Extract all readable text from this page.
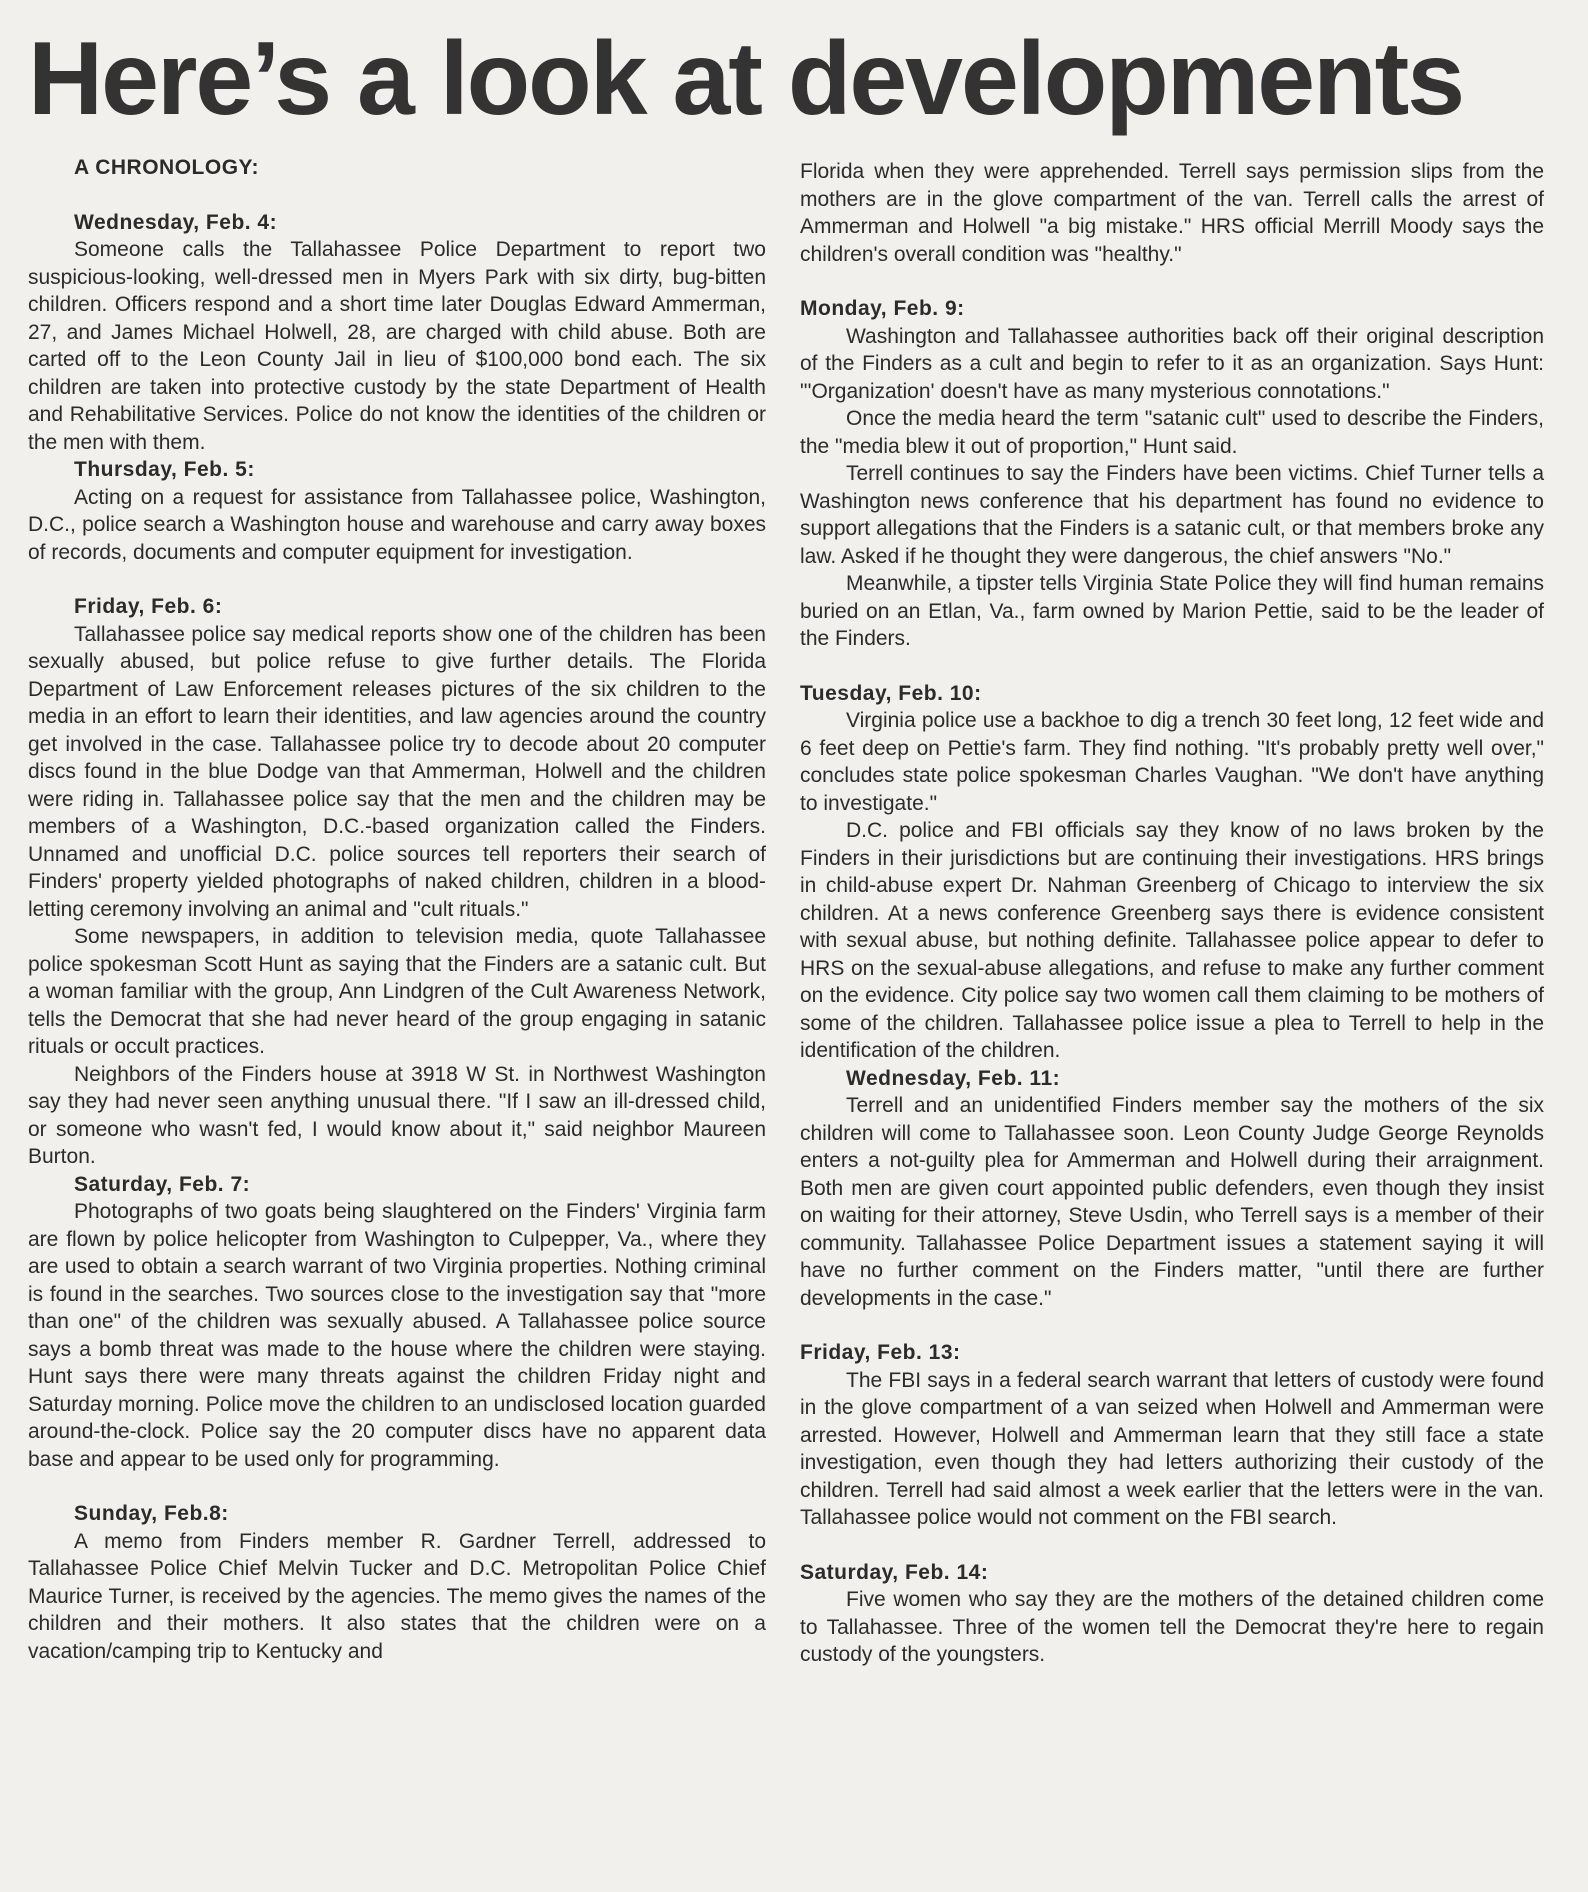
Here’s a look at developments

A CHRONOLOGY:

Wednesday, Feb. 4:

Someone calls the Tallahassee Police Department to report two suspicious-looking, well-dressed men in Myers Park with six dirty, bug-bitten children. Officers respond and a short time later Douglas Edward Ammerman, 27, and James Michael Holwell, 28, are charged with child abuse. Both are carted off to the Leon County Jail in lieu of $100,000 bond each. The six children are taken into protective custody by the state Department of Health and Rehabilitative Services. Police do not know the identities of the children or the men with them.

Thursday, Feb. 5:

Acting on a request for assistance from Tallahassee police, Washington, D.C., police search a Washington house and warehouse and carry away boxes of records, documents and computer equipment for investigation.

Friday, Feb. 6:

Tallahassee police say medical reports show one of the children has been sexually abused, but police refuse to give further details. The Florida Department of Law Enforcement releases pictures of the six children to the media in an effort to learn their identities, and law agencies around the country get involved in the case. Tallahassee police try to decode about 20 computer discs found in the blue Dodge van that Ammerman, Holwell and the children were riding in. Tallahassee police say that the men and the children may be members of a Washington, D.C.-based organization called the Finders. Unnamed and unofficial D.C. police sources tell reporters their search of Finders' property yielded photographs of naked children, children in a blood-letting ceremony involving an animal and "cult rituals."

Some newspapers, in addition to television media, quote Tallahassee police spokesman Scott Hunt as saying that the Finders are a satanic cult. But a woman familiar with the group, Ann Lindgren of the Cult Awareness Network, tells the Democrat that she had never heard of the group engaging in satanic rituals or occult practices.

Neighbors of the Finders house at 3918 W St. in Northwest Washington say they had never seen anything unusual there. "If I saw an ill-dressed child, or someone who wasn't fed, I would know about it," said neighbor Maureen Burton.

Saturday, Feb. 7:

Photographs of two goats being slaughtered on the Finders' Virginia farm are flown by police helicopter from Washington to Culpepper, Va., where they are used to obtain a search warrant of two Virginia properties. Nothing criminal is found in the searches. Two sources close to the investigation say that "more than one" of the children was sexually abused. A Tallahassee police source says a bomb threat was made to the house where the children were staying. Hunt says there were many threats against the children Friday night and Saturday morning. Police move the children to an undisclosed location guarded around-the-clock. Police say the 20 computer discs have no apparent data base and appear to be used only for programming.

Sunday, Feb.8:

A memo from Finders member R. Gardner Terrell, addressed to Tallahassee Police Chief Melvin Tucker and D.C. Metropolitan Police Chief Maurice Turner, is received by the agencies. The memo gives the names of the children and their mothers. It also states that the children were on a vacation/camping trip to Kentucky and

Florida when they were apprehended. Terrell says permission slips from the mothers are in the glove compartment of the van. Terrell calls the arrest of Ammerman and Holwell "a big mistake." HRS official Merrill Moody says the children's overall condition was "healthy."

Monday, Feb. 9:

Washington and Tallahassee authorities back off their original description of the Finders as a cult and begin to refer to it as an organization. Says Hunt: "'Organization' doesn't have as many mysterious connotations."

Once the media heard the term "satanic cult" used to describe the Finders, the "media blew it out of proportion," Hunt said.

Terrell continues to say the Finders have been victims. Chief Turner tells a Washington news conference that his department has found no evidence to support allegations that the Finders is a satanic cult, or that members broke any law. Asked if he thought they were dangerous, the chief answers "No."

Meanwhile, a tipster tells Virginia State Police they will find human remains buried on an Etlan, Va., farm owned by Marion Pettie, said to be the leader of the Finders.

Tuesday, Feb. 10:

Virginia police use a backhoe to dig a trench 30 feet long, 12 feet wide and 6 feet deep on Pettie's farm. They find nothing. "It's probably pretty well over," concludes state police spokesman Charles Vaughan. "We don't have anything to investigate."

D.C. police and FBI officials say they know of no laws broken by the Finders in their jurisdictions but are continuing their investigations. HRS brings in child-abuse expert Dr. Nahman Greenberg of Chicago to interview the six children. At a news conference Greenberg says there is evidence consistent with sexual abuse, but nothing definite. Tallahassee police appear to defer to HRS on the sexual-abuse allegations, and refuse to make any further comment on the evidence. City police say two women call them claiming to be mothers of some of the children. Tallahassee police issue a plea to Terrell to help in the identification of the children.

Wednesday, Feb. 11:

Terrell and an unidentified Finders member say the mothers of the six children will come to Tallahassee soon. Leon County Judge George Reynolds enters a not-guilty plea for Ammerman and Holwell during their arraignment. Both men are given court appointed public defenders, even though they insist on waiting for their attorney, Steve Usdin, who Terrell says is a member of their community. Tallahassee Police Department issues a statement saying it will have no further comment on the Finders matter, "until there are further developments in the case."

Friday, Feb. 13:

The FBI says in a federal search warrant that letters of custody were found in the glove compartment of a van seized when Holwell and Ammerman were arrested. However, Holwell and Ammerman learn that they still face a state investigation, even though they had letters authorizing their custody of the children. Terrell had said almost a week earlier that the letters were in the van. Tallahassee police would not comment on the FBI search.

Saturday, Feb. 14:

Five women who say they are the mothers of the detained children come to Tallahassee. Three of the women tell the Democrat they're here to regain custody of the youngsters.
